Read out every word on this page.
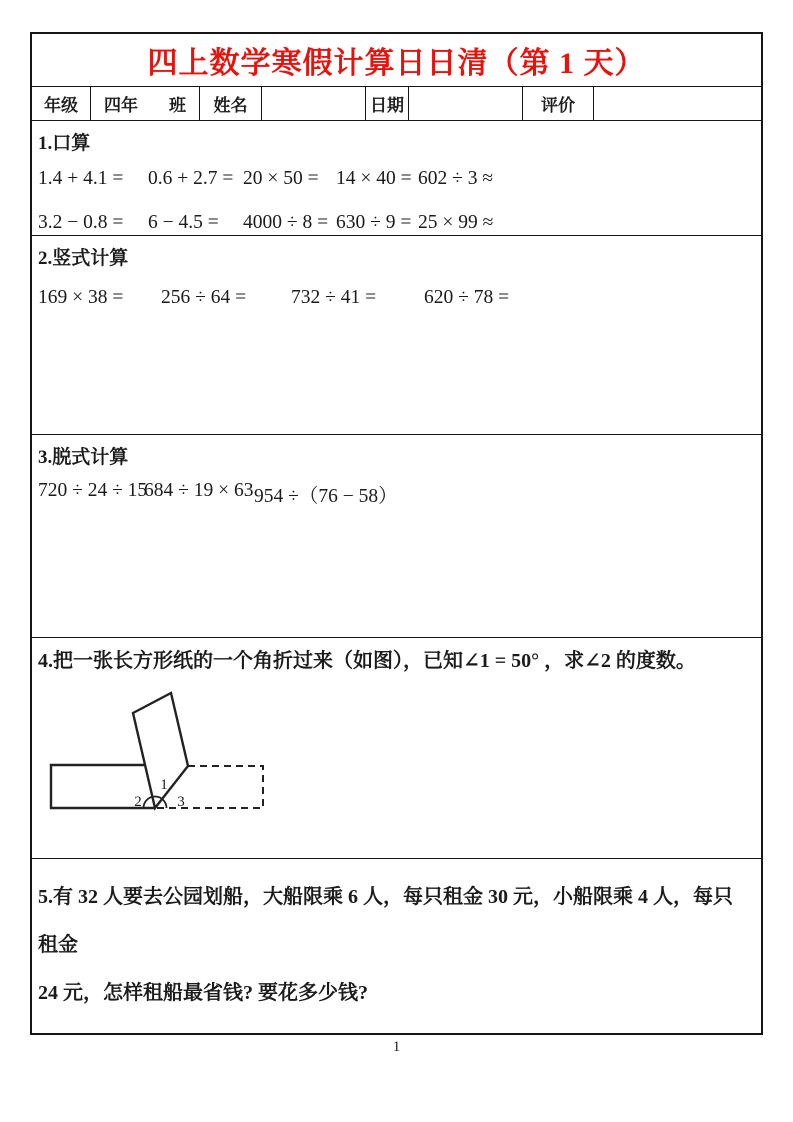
四上数学寒假计算日日清（第 1 天）
年级 四年 班 姓名	日期	评价
1.口算
1.4 + 4.1 =	0.6 + 2.7 = 20 × 50 = 14 × 40 = 602 ÷ 3 ≈
3.2 − 0.8 =	6 − 4.5 =	4000 ÷ 8 = 630 ÷ 9 = 25 × 99 ≈
2.竖式计算
169 × 38 =	256 ÷ 64 =	732 ÷ 41 =	620 ÷ 78 =
3.脱式计算
720 ÷ 24 ÷ 15
684 ÷ 19 × 63 954 ÷（76 − 58）
4.把一张长方形纸的一个角折过来（如图），已知∠1 = 50° ，求∠2 的度数。
1
2 3
5.有 32 人要去公园划船，大船限乘 6 人，每只租金 30 元，小船限乘 4 人，每只租金
24 元，怎样租船最省钱? 要花多少钱?
1
